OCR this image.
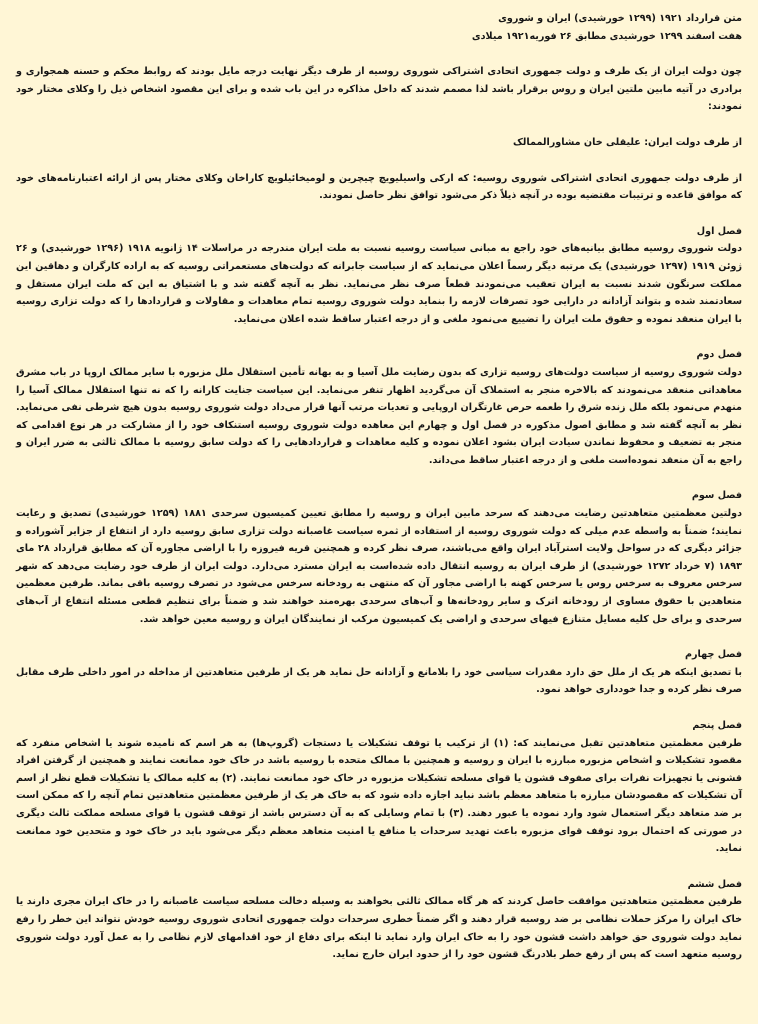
متن قرارداد ۱۹۲۱ (۱۲۹۹ خورشیدی) ایران و شوروی
هفت اسفند ۱۲۹۹ خورشیدی مطابق ۲۶ فوریه۱۹۲۱ میلادی

چون دولت ایران از یک طرف و دولت جمهوری اتحادی اشتراکی شوروی روسیه از طرف دیگر نهایت درجه مایل بودند که روابط محکم و حسنه همجواری و برادری در آتیه مابین ملتین ایران و روس برقرار باشد لذا مصمم شدند که داخل مذاکره در این باب شده و برای این مقصود اشخاص ذیل را وکلای مختار خود نمودند:

از طرف دولت ایران: علیقلی خان مشاورالممالک

از طرف دولت جمهوری اتحادی اشتراکی شوروی روسیه: که ارکی واسیلیویچ چیچرین و لومیخائیلویچ کاراخان وکلای مختار پس از ارائه اعتبارنامه‌های خود که موافق قاعده و ترتیبات مقتضیه بوده در آنچه ذیلاً ذکر می‌شود توافق نظر حاصل نمودند.

فصل اول

دولت شوروی روسیه مطابق بیانیه‌های خود راجع به مبانی سیاست روسیه نسبت به ملت ایران مندرجه در مراسلات ۱۴ ژانویه ۱۹۱۸ (۱۲۹۶ خورشیدی) و ۲۶ ژوئن ۱۹۱۹ (۱۲۹۷ خورشیدی) یک مرتبه دیگر رسماً اعلان می‌نماید که از سیاست جابرانه که دولت‌های مستعمراتی روسیه که به اراده کارگران و دهاقین این مملکت سرنگون شدند نسبت به ایران تعقیب می‌نمودند قطعاً صرف نظر می‌نماید. نظر به آنچه گفته شد و با اشتیاق به این که ملت ایران مستقل و سعادتمند شده و بتواند آزادانه در دارایی خود تصرفات لازمه را بنماید دولت شوروی روسیه تمام معاهدات و مقاولات و قراردادها را که دولت تزاری روسیه با ایران منعقد نموده و حقوق ملت ایران را تضییع می‌نمود ملغی و از درجه اعتبار ساقط شده اعلان می‌نماید.

فصل دوم

دولت شوروی روسیه از سیاست دولت‌های روسیه تزاری که بدون رضایت ملل آسیا و به بهانه تأمین استقلال ملل مزبوره با سایر ممالک اروپا در باب مشرق معاهداتی منعقد می‌نمودند که بالاخره منجر به استملاک آن می‌گردید اظهار تنفر می‌نماید. این سیاست جنایت کارانه را که نه تنها استقلال ممالک آسیا را منهدم می‌نمود بلکه ملل زنده شرق را طعمه حرص غارتگران اروپایی و تعدیات مرتب آنها قرار می‌داد دولت شوروی روسیه بدون هیچ شرطی نفی می‌نماید. نظر به آنچه گفته شد و مطابق اصول مذکوره در فصل اول و چهارم این معاهده دولت شوروی روسیه استنکاف خود را از مشارکت در هر نوع اقدامی که منجر به تضعیف و محفوظ نماندن سیادت ایران بشود اعلان نموده و کلیه معاهدات و قراردادهایی را که دولت سابق روسیه با ممالک ثالثی به ضرر ایران و راجع به آن منعقد نموده‌است ملغی و از درجه اعتبار ساقط می‌داند.

فصل سوم

دولتین معظمتین متعاهدتین رضایت می‌دهند که سرحد مابین ایران و روسیه را مطابق تعیین کمیسیون سرحدی ۱۸۸۱ (۱۲۵۹ خورشیدی) تصدیق و رعایت نمایند؛ ضمناً به واسطه عدم میلی که دولت شوروی روسیه از استفاده از ثمره سیاست غاصبانه دولت تزاری سابق روسیه دارد از انتفاع از جزایر آشوراده و جزائر دیگری که در سواحل ولایت استرآباد ایران واقع می‌باشند، صرف نظر کرده و همچنین قریه فیروزه را با اراضی مجاوره آن که مطابق قرارداد ۲۸ مای ۱۸۹۳ (۷ خرداد ۱۲۷۲ خورشیدی) از طرف ایران به روسیه انتقال داده شده‌است به ایران مسترد می‌دارد. دولت ایران از طرف خود رضایت می‌دهد که شهر سرخس معروف به سرخس روس یا سرخس کهنه با اراضی مجاور آن که منتهی به رودخانه سرخس می‌شود در تصرف روسیه باقی بماند. طرفین معظمین متعاهدین با حقوق مساوی از رودخانه اترک و سایر رودخانه‌ها و آب‌های سرحدی بهره‌مند خواهند شد و ضمناً برای تنظیم قطعی مسئله انتفاع از آب‌های سرحدی و برای حل کلیه مسایل متنازع فیهای سرحدی و اراضی یک کمیسیون مرکب از نمایندگان ایران و روسیه معین خواهد شد.

فصل چهارم

با تصدیق اینکه هر یک از ملل حق دارد مقدرات سیاسی خود را بلامانع و آزادانه حل نماید هر یک از طرفین متعاهدتین از مداخله در امور داخلی طرف مقابل صرف نظر کرده و جدا خودداری خواهد نمود.

فصل پنجم

طرفین معظمتین متعاهدتین تقبل می‌نمایند که: (۱) از ترکیب یا توقف تشکیلات یا دستجات (گروپ‌ها) به هر اسم که نامیده شوند یا اشخاص منفرد که مقصود تشکیلات و اشخاص مزبوره مبارزه با ایران و روسیه و همچنین با ممالک متحده با روسیه باشد در خاک خود ممانعت نمایند و همچنین از گرفتن افراد قشونی یا تجهیزات نفرات برای صفوف قشون یا قوای مسلحه تشکیلات مزبوره در خاک خود ممانعت نمایند. (۲) به کلیه ممالک یا تشکیلات قطع نظر از اسم آن تشکیلات که مقصودشان مبارزه با متعاهد معظم باشد نباید اجازه داده شود که به خاک هر یک از طرفین معظمتین متعاهدتین تمام آنچه را که ممکن است بر ضد متعاهد دیگر استعمال شود وارد نموده یا عبور دهند. (۳) با تمام وسایلی که به آن دسترس باشد از توقف قشون یا قوای مسلحه مملکت ثالث دیگری در صورتی که احتمال برود توقف قوای مزبوره باعث تهدید سرحدات یا منافع یا امنیت متعاهد معظم دیگر می‌شود باید در خاک خود و متحدین خود ممانعت نماید.

فصل ششم

طرفین معظمتین متعاهدتین موافقت حاصل کردند که هر گاه ممالک ثالثی بخواهند به وسیله دخالت مسلحه سیاست غاصبانه را در خاک ایران مجری دارند یا خاک ایران را مرکز حملات نظامی بر ضد روسیه قرار دهند و اگر ضمناً خطری سرحدات دولت جمهوری اتحادی شوروی روسیه خودش نتواند این خطر را رفع نماید دولت شوروی حق خواهد داشت قشون خود را به خاک ایران وارد نماید تا اینکه برای دفاع از خود اقدامهای لازم نظامی را به عمل آورد دولت شوروی روسیه متعهد است که پس از رفع خطر بلادرنگ قشون خود را از حدود ایران خارج نماید.
